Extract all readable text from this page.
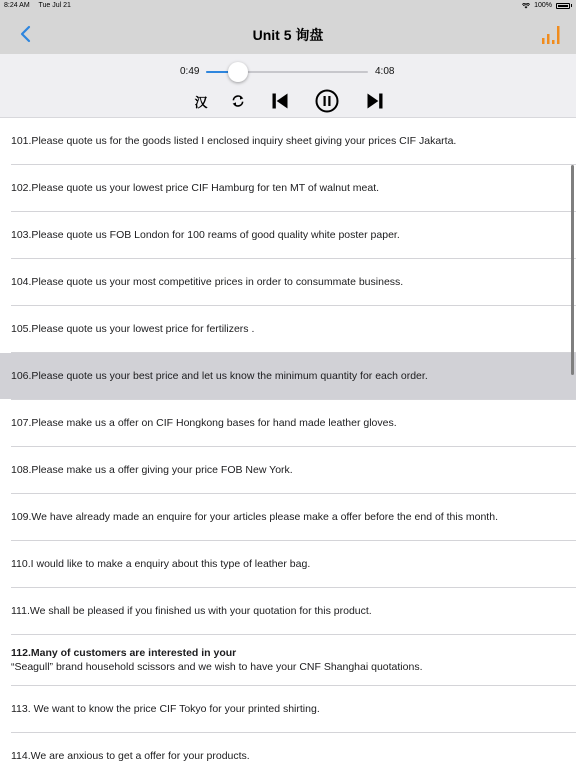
8:24 AM Tue Jul 21	100%
Unit 5 询盘
0:49	4:08
汉
101.Please quote us for the goods listed I enclosed inquiry sheet giving your prices CIF Jakarta.
102.Please quote us your lowest price CIF Hamburg for ten MT of walnut meat.
103.Please quote us FOB London for 100 reams of good quality white poster paper.
104.Please quote us your most competitive prices in order to consummate business.
105.Please quote us your lowest price for fertilizers .
106.Please quote us your best price and let us know the minimum quantity for each order.
107.Please make us a offer on CIF Hongkong bases for hand made leather gloves.
108.Please make us a offer giving your price FOB New York.
109.We have already made an enquire for your articles please make a offer before the end of this month.
110.I would like to make a enquiry about this type of leather bag.
111.We shall be pleased if you finished us with your quotation for this product.
112.Many of customers are interested in your
“Seagull” brand household scissors and we wish to have your CNF Shanghai quotations.
113. We want to know the price CIF Tokyo for your printed shirting.
114.We are anxious to get a offer for your products.
